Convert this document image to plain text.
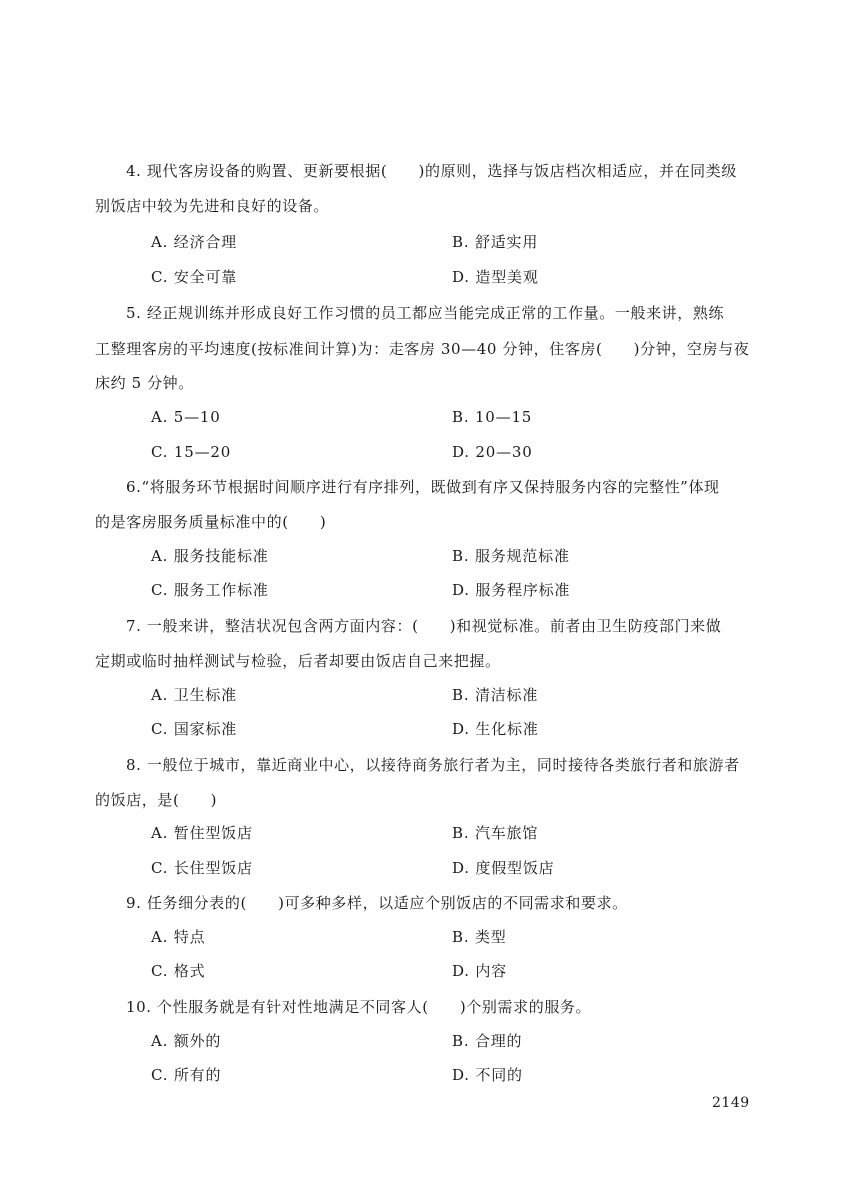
4. 现代客房设备的购置、更新要根据(　　)的原则，选择与饭店档次相适应，并在同类级
别饭店中较为先进和良好的设备。
A. 经济合理	B. 舒适实用
C. 安全可靠	D. 造型美观
5. 经正规训练并形成良好工作习惯的员工都应当能完成正常的工作量。一般来讲，熟练
工整理客房的平均速度(按标准间计算)为：走客房 30—40 分钟，住客房(　　)分钟，空房与夜
床约 5 分钟。
A. 5—10	B. 10—15
C. 15—20	D. 20—30
6.“将服务环节根据时间顺序进行有序排列，既做到有序又保持服务内容的完整性”体现
的是客房服务质量标准中的(　　)
A. 服务技能标准	B. 服务规范标准
C. 服务工作标准	D. 服务程序标准
7. 一般来讲，整洁状况包含两方面内容：(　　)和视觉标准。前者由卫生防疫部门来做
定期或临时抽样测试与检验，后者却要由饭店自己来把握。
A. 卫生标准	B. 清洁标准
C. 国家标准	D. 生化标准
8. 一般位于城市，靠近商业中心，以接待商务旅行者为主，同时接待各类旅行者和旅游者
的饭店，是(　　)
A. 暂住型饭店	B. 汽车旅馆
C. 长住型饭店	D. 度假型饭店
9. 任务细分表的(　　)可多种多样，以适应个别饭店的不同需求和要求。
A. 特点	B. 类型
C. 格式	D. 内容
10. 个性服务就是有针对性地满足不同客人(　　)个别需求的服务。
A. 额外的	B. 合理的
C. 所有的	D. 不同的
2149
